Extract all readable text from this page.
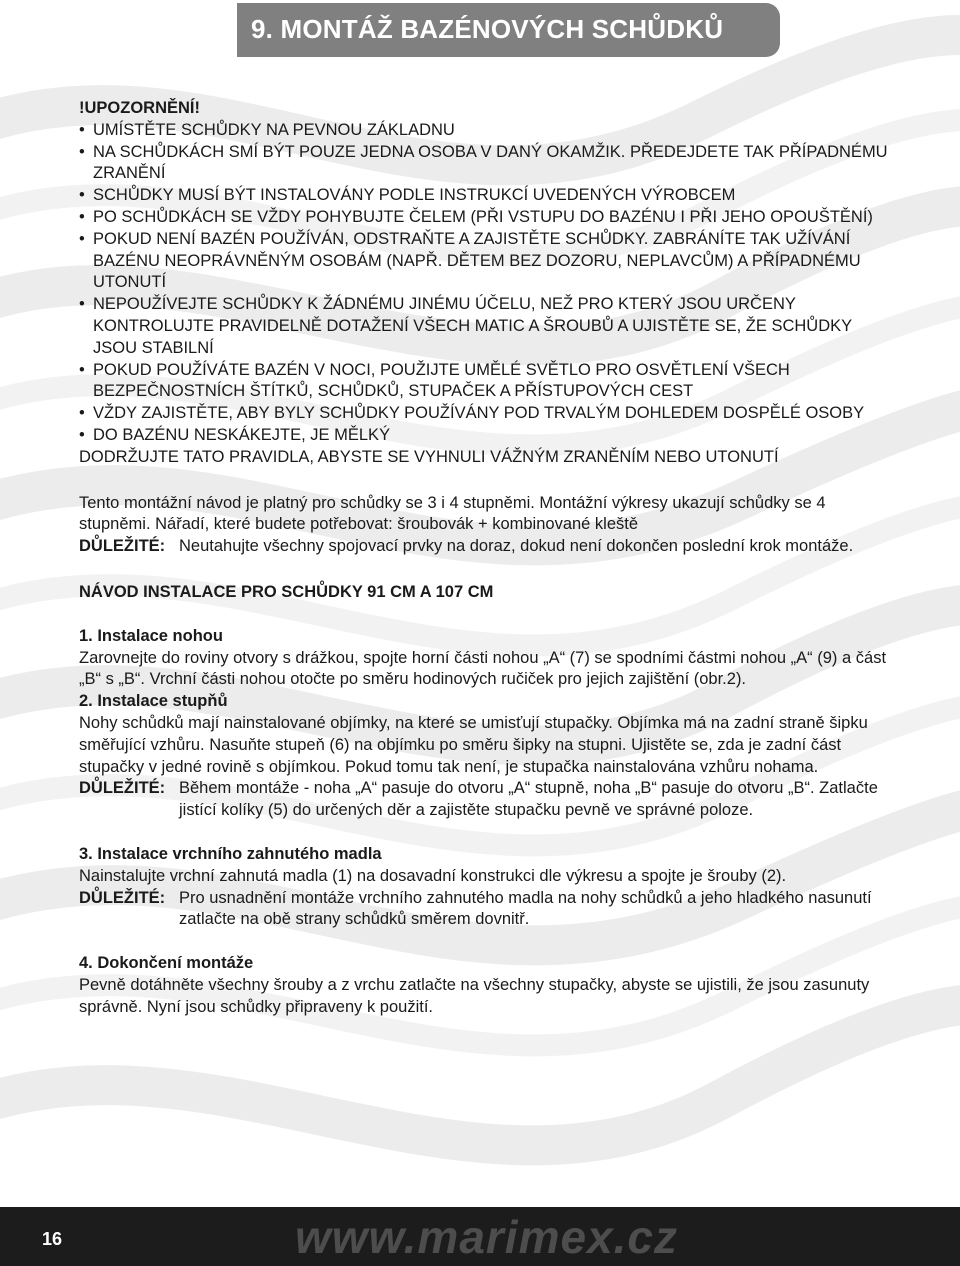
9. MONTÁŽ BAZÉNOVÝCH SCHŮDKŮ

!UPOZORNĚNÍ!

• UMÍSTĚTE SCHŮDKY NA PEVNOU ZÁKLADNU
• NA SCHŮDKÁCH SMÍ BÝT POUZE JEDNA OSOBA V DANÝ OKAMŽIK. PŘEDEJDETE TAK PŘÍPADNÉMU ZRANĚNÍ
• SCHŮDKY MUSÍ BÝT INSTALOVÁNY PODLE INSTRUKCÍ UVEDENÝCH VÝROBCEM
• PO SCHŮDKÁCH SE VŽDY POHYBUJTE ČELEM (PŘI VSTUPU DO BAZÉNU I PŘI JEHO OPOUŠTĚNÍ)
• POKUD NENÍ BAZÉN POUŽÍVÁN, ODSTRAŇTE A ZAJISTĚTE SCHŮDKY. ZABRÁNÍTE TAK UŽÍVÁNÍ BAZÉNU NEOPRÁVNĚNÝM OSOBÁM (NAPŘ. DĚTEM BEZ DOZORU, NEPLAVCŮM) A PŘÍPADNÉMU UTONUTÍ
• NEPOUŽÍVEJTE SCHŮDKY K ŽÁDNÉMU JINÉMU ÚČELU, NEŽ PRO KTERÝ JSOU URČENY KONTROLUJTE PRAVIDELNĚ DOTAŽENÍ VŠECH MATIC A ŠROUBŮ A UJISTĚTE SE, ŽE SCHŮDKY JSOU STABILNÍ
• POKUD POUŽÍVÁTE BAZÉN V NOCI, POUŽIJTE UMĚLÉ SVĚTLO PRO OSVĚTLENÍ VŠECH BEZPEČNOSTNÍCH ŠTÍTKŮ, SCHŮDKŮ, STUPAČEK A PŘÍSTUPOVÝCH CEST
• VŽDY ZAJISTĚTE, ABY BYLY SCHŮDKY POUŽÍVÁNY POD TRVALÝM DOHLEDEM DOSPĚLÉ OSOBY
• DO BAZÉNU NESKÁKEJTE, JE MĚLKÝ

DODRŽUJTE TATO PRAVIDLA, ABYSTE SE VYHNULI VÁŽNÝM ZRANĚNÍM NEBO UTONUTÍ

Tento montážní návod je platný pro schůdky se 3 i 4 stupněmi. Montážní výkresy ukazují schůdky se 4 stupněmi. Nářadí, které budete potřebovat: šroubovák + kombinované kleště

DŮLEŽITÉ: Neutahujte všechny spojovací prvky na doraz, dokud není dokončen poslední krok montáže.

NÁVOD INSTALACE PRO SCHŮDKY 91 CM A 107 CM

1. Instalace nohou

Zarovnejte do roviny otvory s drážkou, spojte horní části nohou „A“ (7) se spodními částmi nohou „A“ (9) a část „B“ s „B“. Vrchní části nohou otočte po směru hodinových ručiček pro jejich zajištění (obr.2).

2. Instalace stupňů

Nohy schůdků mají nainstalované objímky, na které se umisťují stupačky. Objímka má na zadní straně šipku směřující vzhůru. Nasuňte stupeň (6) na objímku po směru šipky na stupni. Ujistěte se, zda je zadní část stupačky v jedné rovině s objímkou. Pokud tomu tak není, je stupačka nainstalována vzhůru nohama.

DŮLEŽITÉ: Během montáže - noha „A“ pasuje do otvoru „A“ stupně, noha „B“ pasuje do otvoru „B“. Zatlačte jistící kolíky (5) do určených děr a zajistěte stupačku pevně ve správné poloze.

3. Instalace vrchního zahnutého madla

Nainstalujte vrchní zahnutá madla (1) na dosavadní konstrukci dle výkresu a spojte je šrouby (2).

DŮLEŽITÉ: Pro usnadnění montáže vrchního zahnutého madla na nohy schůdků a jeho hladkého nasunutí zatlačte na obě strany schůdků směrem dovnitř.

4. Dokončení montáže

Pevně dotáhněte všechny šrouby a z vrchu zatlačte na všechny stupačky, abyste se ujistili, že jsou zasunuty správně. Nyní jsou schůdky připraveny k použití.

16	www.marimex.cz
